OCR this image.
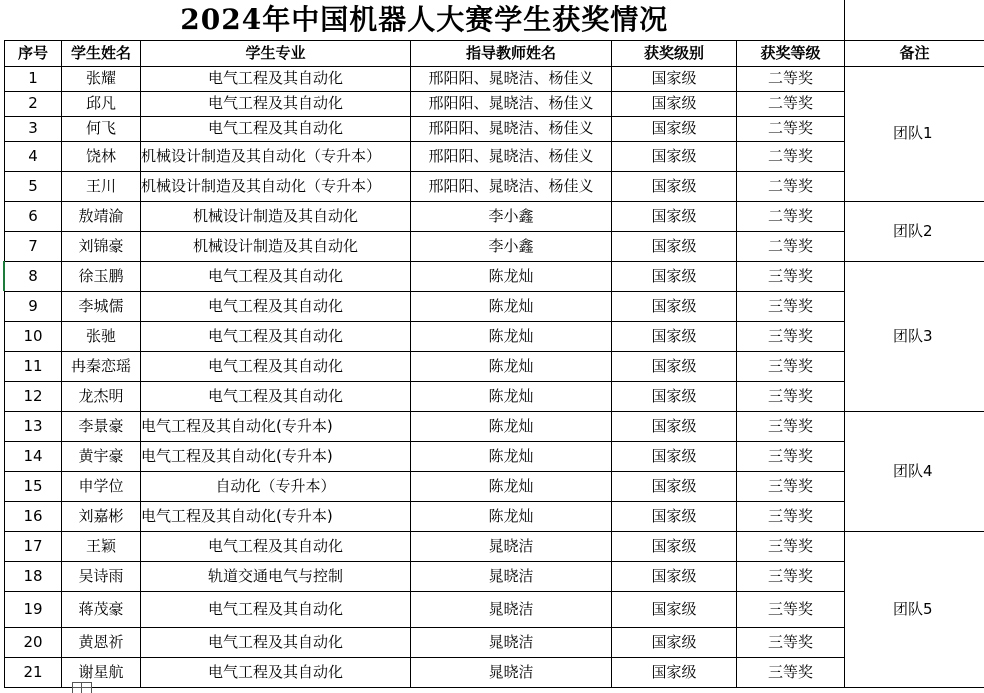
2024年中国机器人大赛学生获奖情况						
序号	学生姓名	学生专业	指导教师姓名	获奖级别	获奖等级	备注
1	张耀	电气工程及其自动化	邢阳阳、晁晓洁、杨佳义	国家级	二等奖	团队1
2	邱凡	电气工程及其自动化	邢阳阳、晁晓洁、杨佳义	国家级	二等奖	
3	何飞	电气工程及其自动化	邢阳阳、晁晓洁、杨佳义	国家级	二等奖	
4	饶林	机械设计制造及其自动化（专升本）	邢阳阳、晁晓洁、杨佳义	国家级	二等奖	
5	王川	机械设计制造及其自动化（专升本）	邢阳阳、晁晓洁、杨佳义	国家级	二等奖	
6	敖靖渝	机械设计制造及其自动化	李小鑫	国家级	二等奖	团队2
7	刘锦豪	机械设计制造及其自动化	李小鑫	国家级	二等奖	
8	徐玉鹏	电气工程及其自动化	陈龙灿	国家级	三等奖	团队3
9	李城儒	电气工程及其自动化	陈龙灿	国家级	三等奖	
10	张驰	电气工程及其自动化	陈龙灿	国家级	三等奖	
11	冉秦恋瑶	电气工程及其自动化	陈龙灿	国家级	三等奖	
12	龙杰明	电气工程及其自动化	陈龙灿	国家级	三等奖	
13	李景豪	电气工程及其自动化(专升本)	陈龙灿	国家级	三等奖	团队4
14	黄宇豪	电气工程及其自动化(专升本)	陈龙灿	国家级	三等奖	
15	申学位	自动化（专升本）	陈龙灿	国家级	三等奖	
16	刘嘉彬	电气工程及其自动化(专升本)	陈龙灿	国家级	三等奖	
17	王颖	电气工程及其自动化	晁晓洁	国家级	三等奖	团队5
18	吴诗雨	轨道交通电气与控制	晁晓洁	国家级	三等奖	
19	蒋茂豪	电气工程及其自动化	晁晓洁	国家级	三等奖	
20	黄恩祈	电气工程及其自动化	晁晓洁	国家级	三等奖	
21	谢星航	电气工程及其自动化	晁晓洁	国家级	三等奖	
